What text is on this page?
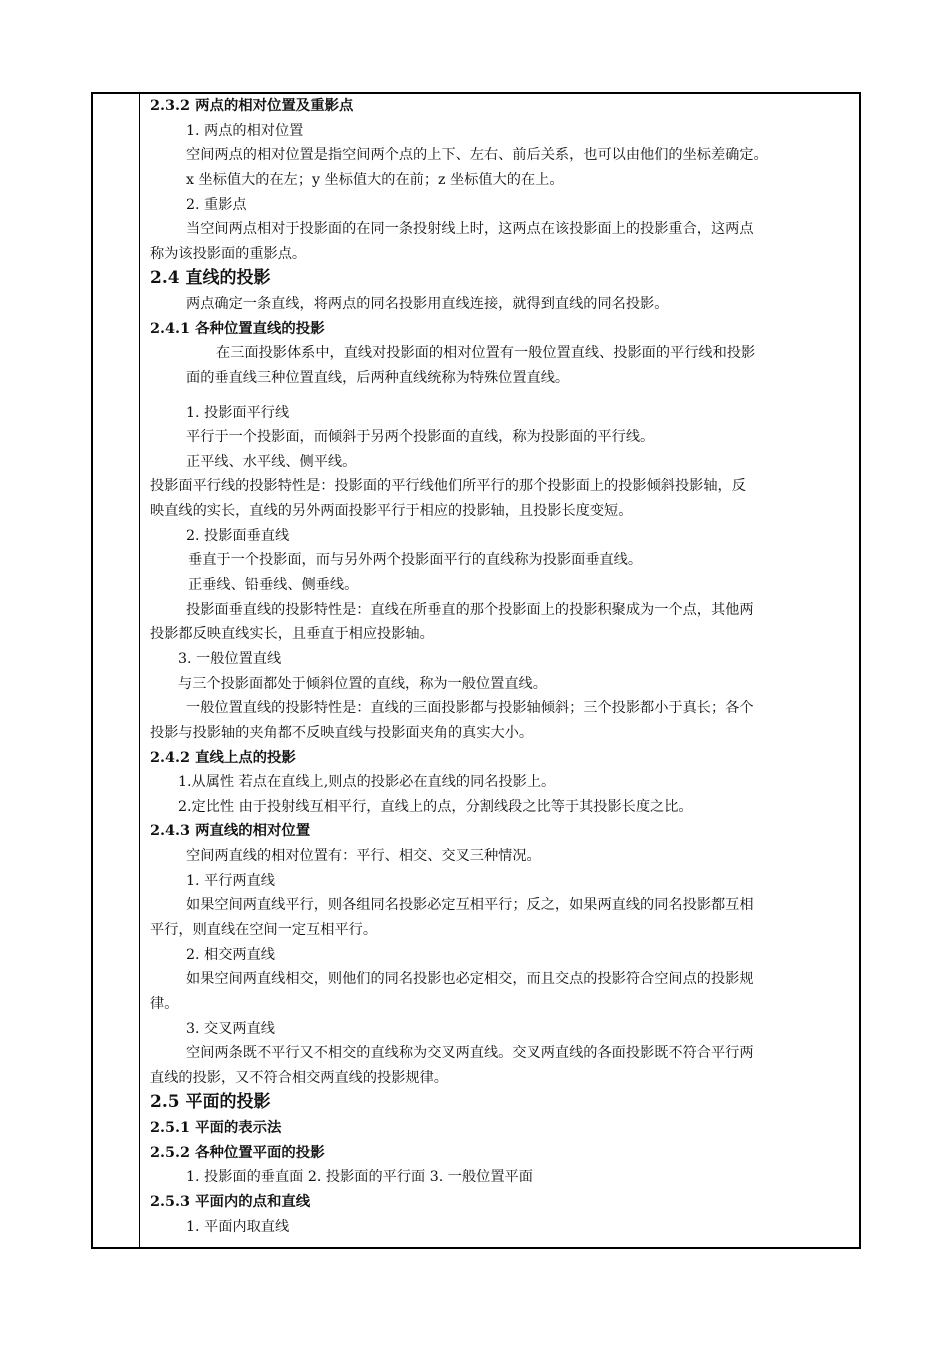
2.3.2 两点的相对位置及重影点
1. 两点的相对位置
空间两点的相对位置是指空间两个点的上下、左右、前后关系，也可以由他们的坐标差确定。
x 坐标值大的在左；y 坐标值大的在前；z 坐标值大的在上。
2. 重影点
当空间两点相对于投影面的在同一条投射线上时，这两点在该投影面上的投影重合，这两点
称为该投影面的重影点。
2.4 直线的投影
两点确定一条直线，将两点的同名投影用直线连接，就得到直线的同名投影。
2.4.1 各种位置直线的投影
在三面投影体系中，直线对投影面的相对位置有一般位置直线、投影面的平行线和投影
面的垂直线三种位置直线，后两种直线统称为特殊位置直线。
1. 投影面平行线
平行于一个投影面，而倾斜于另两个投影面的直线，称为投影面的平行线。
正平线、水平线、侧平线。
投影面平行线的投影特性是：投影面的平行线他们所平行的那个投影面上的投影倾斜投影轴，反
映直线的实长，直线的另外两面投影平行于相应的投影轴，且投影长度变短。
2. 投影面垂直线
垂直于一个投影面，而与另外两个投影面平行的直线称为投影面垂直线。
正垂线、铅垂线、侧垂线。
投影面垂直线的投影特性是：直线在所垂直的那个投影面上的投影积聚成为一个点，其他两
投影都反映直线实长，且垂直于相应投影轴。
3. 一般位置直线
与三个投影面都处于倾斜位置的直线，称为一般位置直线。
一般位置直线的投影特性是：直线的三面投影都与投影轴倾斜；三个投影都小于真长；各个
投影与投影轴的夹角都不反映直线与投影面夹角的真实大小。
2.4.2 直线上点的投影
1.从属性 若点在直线上,则点的投影必在直线的同名投影上。
2.定比性 由于投射线互相平行，直线上的点，分割线段之比等于其投影长度之比。
2.4.3 两直线的相对位置
空间两直线的相对位置有：平行、相交、交叉三种情况。
1. 平行两直线
如果空间两直线平行，则各组同名投影必定互相平行；反之，如果两直线的同名投影都互相
平行，则直线在空间一定互相平行。
2. 相交两直线
如果空间两直线相交，则他们的同名投影也必定相交，而且交点的投影符合空间点的投影规
律。
3. 交叉两直线
空间两条既不平行又不相交的直线称为交叉两直线。交叉两直线的各面投影既不符合平行两
直线的投影，又不符合相交两直线的投影规律。
2.5 平面的投影
2.5.1 平面的表示法
2.5.2 各种位置平面的投影
1. 投影面的垂直面 2. 投影面的平行面 3. 一般位置平面
2.5.3 平面内的点和直线
1. 平面内取直线
